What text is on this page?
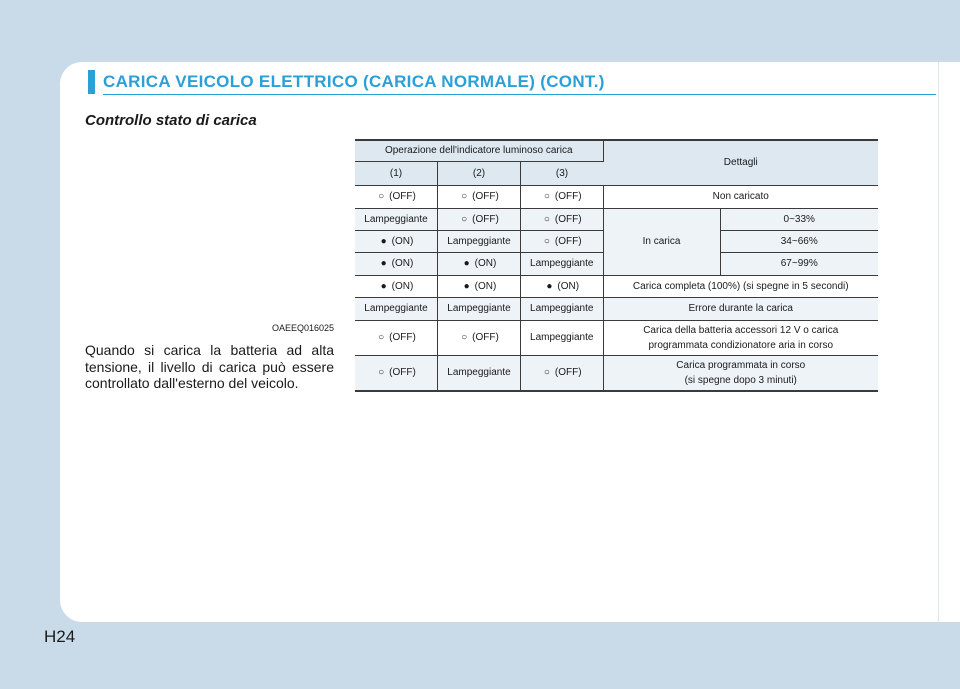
CARICA VEICOLO ELETTRICO (CARICA NORMALE) (CONT.)
Controllo stato di carica
OAEEQ016025
Quando si carica la batteria ad alta tensione, il livello di carica può essere controllato dall'esterno del veicolo.
Operazione dell'indicatore luminoso carica			Dettagli	
(1)	(2)	(3)		
○ (OFF)	○ (OFF)	○ (OFF)	Non caricato	
Lampeggiante	○ (OFF)	○ (OFF)	In carica	0~33%
● (ON)	Lampeggiante	○ (OFF)		34~66%
● (ON)	● (ON)	Lampeggiante		67~99%
● (ON)	● (ON)	● (ON)	Carica completa (100%) (si spegne in 5 secondi)	
Lampeggiante	Lampeggiante	Lampeggiante	Errore durante la carica	
○ (OFF)	○ (OFF)	Lampeggiante	Carica della batteria accessori 12 V o carica
programmata condizionatore aria in corso	

○ (OFF)	Lampeggiante	○ (OFF)	Carica programmata in corso
(si spegne dopo 3 minuti)	
H24
